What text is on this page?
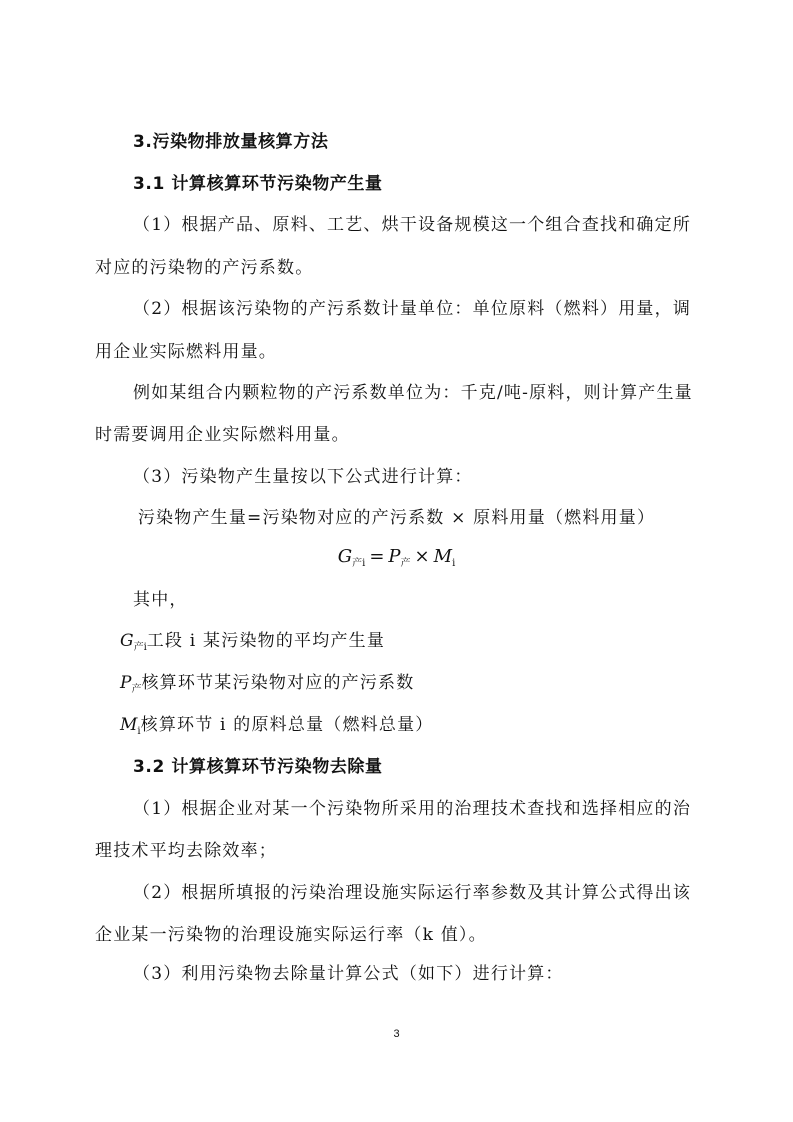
3.污染物排放量核算方法
3.1 计算核算环节污染物产生量
（1）根据产品、原料、工艺、烘干设备规模这一个组合查找和确定所
对应的污染物的产污系数。
（2）根据该污染物的产污系数计量单位：单位原料（燃料）用量，调
用企业实际燃料用量。
例如某组合内颗粒物的产污系数单位为：千克/吨-原料，则计算产生量
时需要调用企业实际燃料用量。
（3）污染物产生量按以下公式进行计算：
污染物产生量=污染物对应的产污系数 × 原料用量（燃料用量）
$G_{产i} = P_产 \times M_i$
其中，
$G_{产i}$工段 i 某污染物的平均产生量
$P_产$核算环节某污染物对应的产污系数
$M_i$核算环节 i 的原料总量（燃料总量）
3.2 计算核算环节污染物去除量
（1）根据企业对某一个污染物所采用的治理技术查找和选择相应的治
理技术平均去除效率；
（2）根据所填报的污染治理设施实际运行率参数及其计算公式得出该
企业某一污染物的治理设施实际运行率（k 值）。
（3）利用污染物去除量计算公式（如下）进行计算：
3
